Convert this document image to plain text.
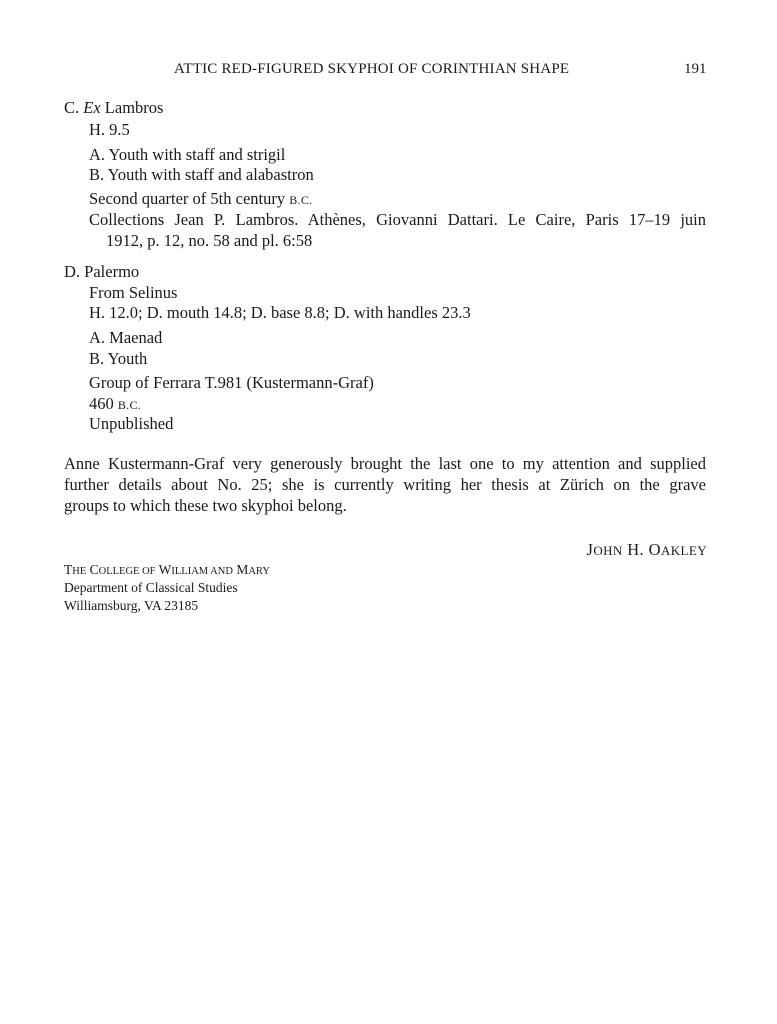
ATTIC RED-FIGURED SKYPHOI OF CORINTHIAN SHAPE	191
C. Ex Lambros
H. 9.5
A. Youth with staff and strigil
B. Youth with staff and alabastron
Second quarter of 5th century B.C.
Collections Jean P. Lambros. Athènes, Giovanni Dattari. Le Caire, Paris 17–19 juin
1912, p. 12, no. 58 and pl. 6:58
D. Palermo
From Selinus
H. 12.0; D. mouth 14.8; D. base 8.8; D. with handles 23.3
A. Maenad
B. Youth
Group of Ferrara T.981 (Kustermann-Graf)
460 B.C.
Unpublished
Anne Kustermann-Graf very generously brought the last one to my attention and supplied
further details about No. 25; she is currently writing her thesis at Zürich on the grave
groups to which these two skyphoi belong.
JOHN H. OAKLEY
THE COLLEGE OF WILLIAM AND MARY
Department of Classical Studies
Williamsburg, VA 23185
